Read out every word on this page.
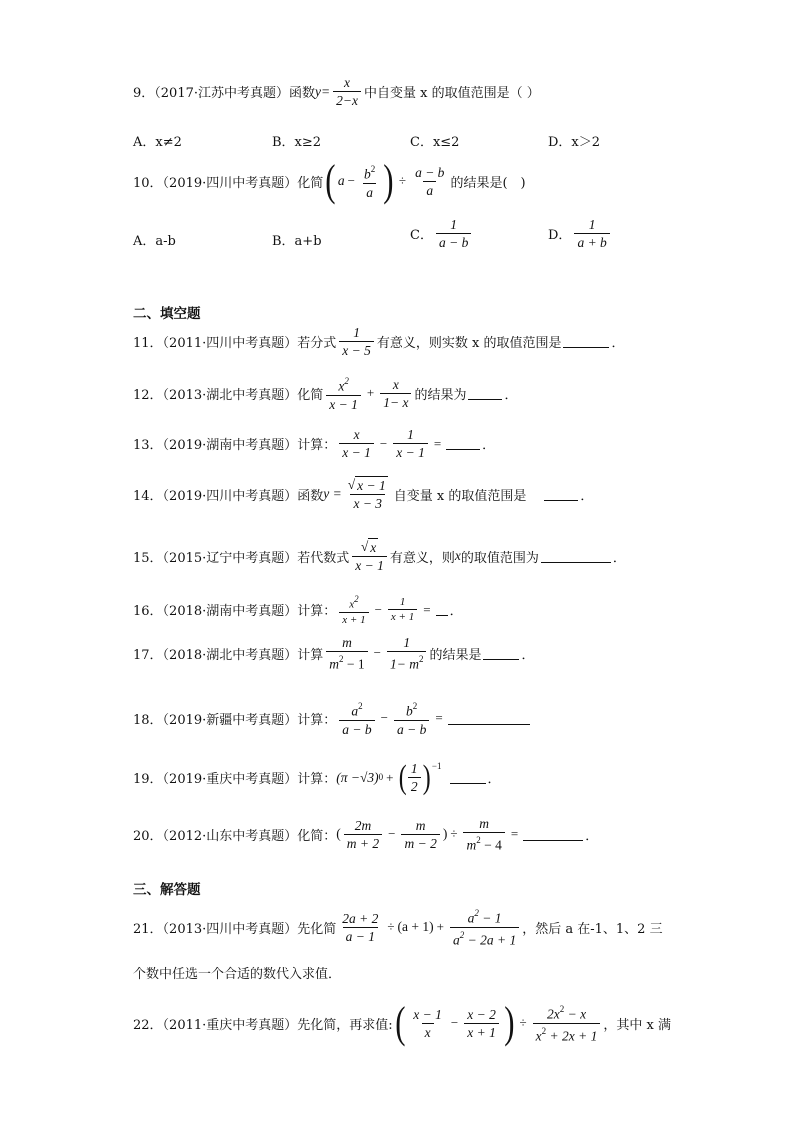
9．（2017·江苏中考真题）函数 $y= \frac{x}{2-x}$ 中自变量 x 的取值范围是（ ）
A．x≠2	B．x≥2	C．x≤2	D．x＞2
10．（2019·四川中考真题）化简 ( $a - \frac{b^2}{a}$ ) ÷ $\frac{a - b}{a}$ 的结果是(　)
A．a-b	B．a+b	C． $\frac{1}{a - b}$	D． $\frac{1}{a + b}$
二、填空题
11．（2011·四川中考真题）若分式 $\frac{1}{x - 5}$ 有意义，则实数 x 的取值范围是	．
12．（2013·湖北中考真题）化简 $\frac{x^2}{x - 1} + \frac{x}{1- x}$ 的结果为	．
13．（2019·湖南中考真题）计算： $\frac{x}{x - 1} - \frac{1}{x - 1}$ =	．
14．（2019·四川中考真题）函数 $y = \frac{√ x - 1}{x - 3}$ 自变量 x 的取值范围是	．
15．（2015·辽宁中考真题）若代数式 $\frac{√ x}{x - 1}$ 有意义，则 x 的取值范围为	．
16．（2018·湖南中考真题）计算： $\frac{x^2}{x + 1} - \frac{1}{x + 1}$ = ．
17．（2018·湖北中考真题）计算 $\frac{m}{m^2 - 1} - \frac{1}{1- m^2}$ 的结果是	．
18．（2019·新疆中考真题）计算： $\frac{a^2}{a - b} - \frac{b^2}{a - b}$ =
19．（2019·重庆中考真题）计算： (π −√3) 0 + ( $\frac{1}{2}$ ) −1
．
20．（2012·山东中考真题）化简： ( $\frac{2m}{m + 2} - \frac{m}{m - 2}$ ) ÷ $\frac{m}{m^2 - 4}$ =	．
三、解答题
21．（2013·四川中考真题）先化简 $\frac{2a + 2}{a - 1} \div (a + 1) + \frac{a^2 - 1}{a^2 - 2a + 1}$ ，然后 a 在-1、1、2 三
个数中任选一个合适的数代入求值．
22．（2011·重庆中考真题）先化简，再求值: ( $\frac{x - 1}{x} - \frac{x - 2}{x + 1}$ ) ÷ $\frac{2x^2 - x}{x^2 + 2x + 1}$ ，其中 x 满
